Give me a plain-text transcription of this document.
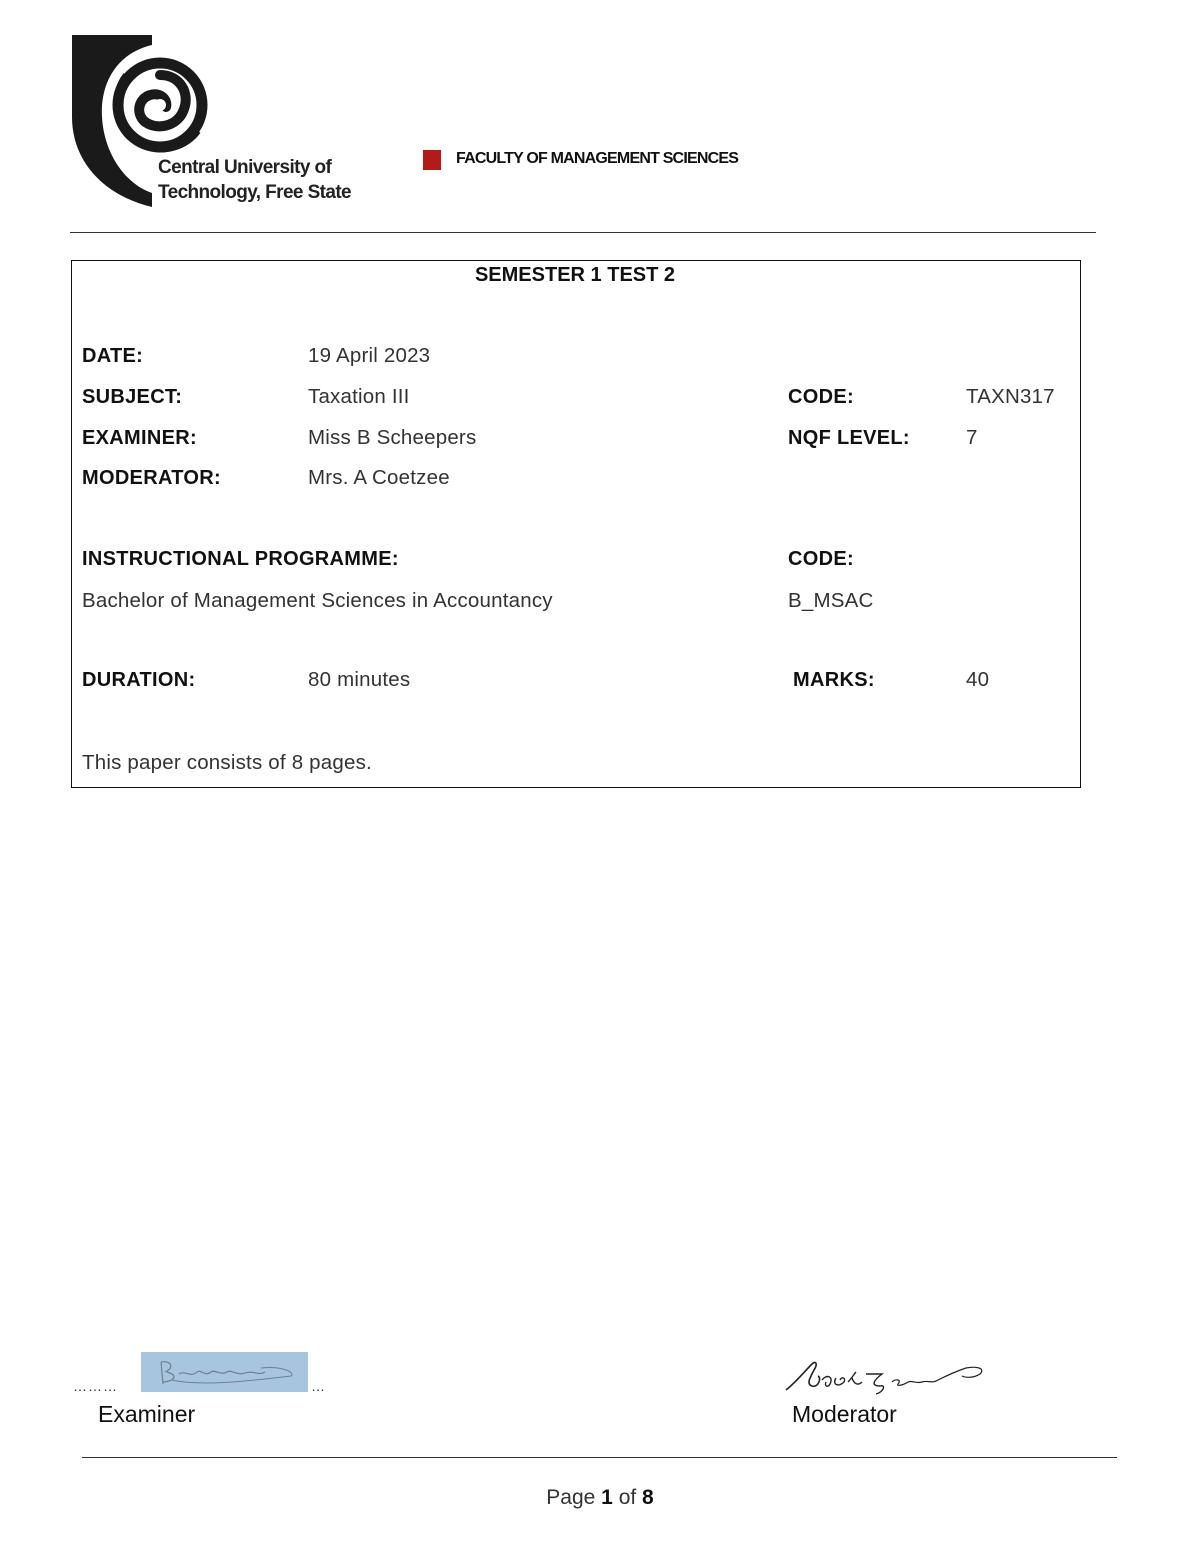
Central University of
Technology, Free State
FACULTY OF MANAGEMENT SCIENCES
SEMESTER 1 TEST 2
DATE:	19 April 2023
SUBJECT:	Taxation III	CODE:	TAXN317
EXAMINER:	Miss B Scheepers	NQF LEVEL:	7
MODERATOR:	Mrs. A Coetzee
INSTRUCTIONAL PROGRAMME:	CODE:
Bachelor of Management Sciences in Accountancy	B_MSAC
DURATION:	80 minutes	MARKS:	40
This paper consists of 8 pages.
………	…
Examiner	Moderator
Page 1 of 8
